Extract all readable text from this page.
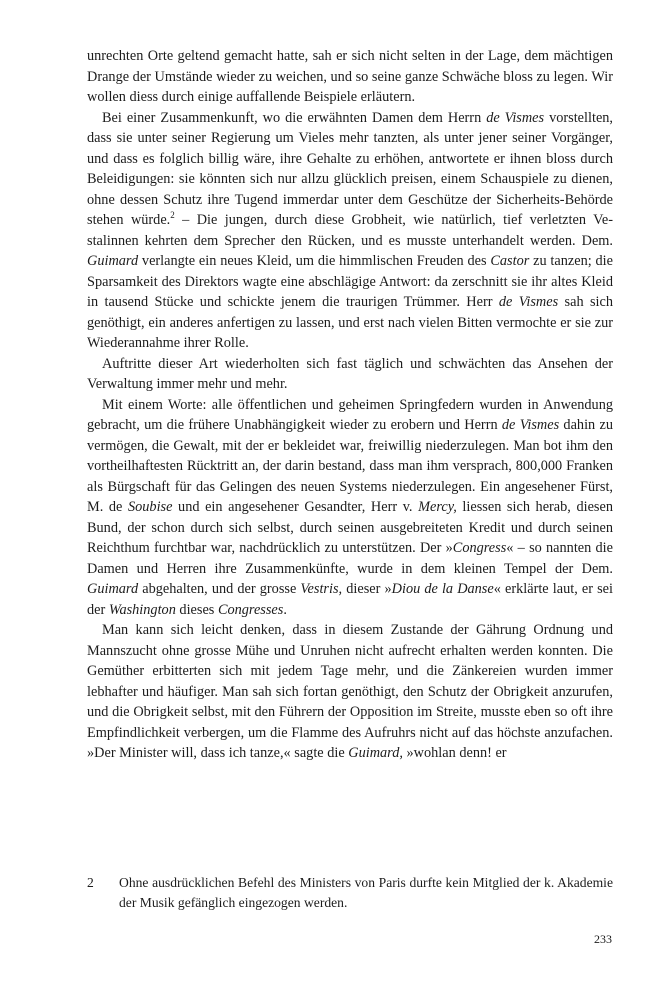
unrechten Orte geltend gemacht hatte, sah er sich nicht selten in der Lage, dem mächtigen Drange der Umstände wieder zu weichen, und so seine ganze Schwäche bloss zu legen. Wir wollen diess durch einige auffallende Beispiele erläutern.

Bei einer Zusammenkunft, wo die erwähnten Damen dem Herrn de Vismes vorstellten, dass sie unter seiner Regierung um Vieles mehr tanzten, als unter jener seiner Vorgänger, und dass es folglich billig wäre, ihre Gehalte zu erhöhen, antwortete er ihnen bloss durch Beleidigungen: sie könnten sich nur allzu glücklich preisen, einem Schauspiele zu dienen, ohne dessen Schutz ihre Tugend immerdar unter dem Geschütze der Sicherheits-Behörde stehen würde.$^2$ – Die jungen, durch diese Grobheit, wie natürlich, tief verletzten Vestalinnen kehrten dem Sprecher den Rücken, und es musste unterhandelt werden. Dem. Guimard verlangte ein neues Kleid, um die himmlischen Freuden des Castor zu tanzen; die Sparsamkeit des Direktors wagte eine abschlägige Antwort: da zerschnitt sie ihr altes Kleid in tausend Stücke und schickte jenem die traurigen Trümmer. Herr de Vismes sah sich genöthigt, ein anderes anfertigen zu lassen, und erst nach vielen Bitten vermochte er sie zur Wiederannahme ihrer Rolle.

Auftritte dieser Art wiederholten sich fast täglich und schwächten das Ansehen der Verwaltung immer mehr und mehr.

Mit einem Worte: alle öffentlichen und geheimen Springfedern wurden in Anwendung gebracht, um die frühere Unabhängigkeit wieder zu erobern und Herrn de Vismes dahin zu vermögen, die Gewalt, mit der er bekleidet war, freiwillig niederzulegen. Man bot ihm den vortheilhaftesten Rücktritt an, der darin bestand, dass man ihm versprach, 800,000 Franken als Bürgschaft für das Gelingen des neuen Systems niederzulegen. Ein angesehener Fürst, M. de Soubise und ein angesehener Gesandter, Herr v. Mercy, liessen sich herab, diesen Bund, der schon durch sich selbst, durch seinen ausgebreiteten Kredit und durch seinen Reichthum furchtbar war, nachdrücklich zu unterstützen. Der »Congress« – so nannten die Damen und Herren ihre Zusammenkünfte, wurde in dem kleinen Tempel der Dem. Guimard abgehalten, und der grosse Vestris, dieser »Diou de la Danse« erklärte laut, er sei der Washington dieses Congresses.

Man kann sich leicht denken, dass in diesem Zustande der Gährung Ordnung und Mannszucht ohne grosse Mühe und Unruhen nicht aufrecht erhalten werden konnten. Die Gemüther erbitterten sich mit jedem Tage mehr, und die Zänkereien wurden immer lebhafter und häufiger. Man sah sich fortan genöthigt, den Schutz der Obrigkeit anzurufen, und die Obrigkeit selbst, mit den Führern der Opposition im Streite, musste eben so oft ihre Empfindlichkeit verbergen, um die Flamme des Aufruhrs nicht auf das höchste anzufachen. »Der Minister will, dass ich tanze,« sagte die Guimard, »wohlan denn! er

2 Ohne ausdrücklichen Befehl des Ministers von Paris durfte kein Mitglied der k. Akademie der Musik gefänglich eingezogen werden.
233
